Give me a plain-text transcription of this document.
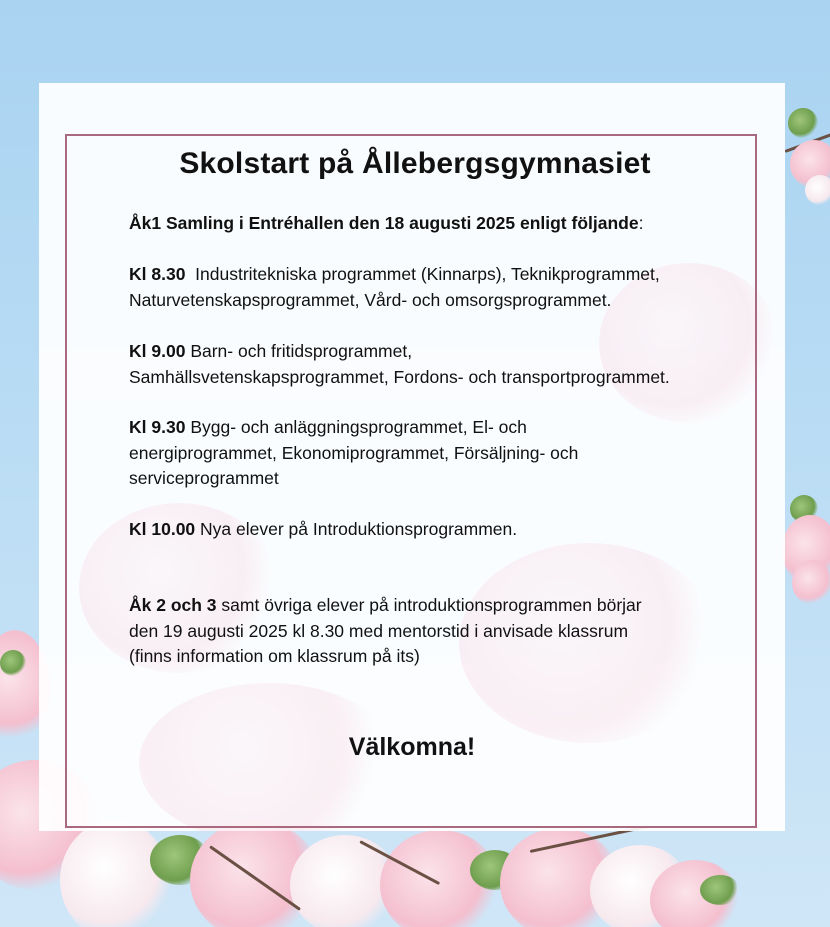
Skolstart på Ållebergsgymnasiet
Åk1 Samling i Entréhallen den 18 augusti 2025 enligt följande:
Kl 8.30 Industritekniska programmet (Kinnarps), Teknikprogrammet,
Naturvetenskapsprogrammet, Vård- och omsorgsprogrammet.
Kl 9.00 Barn- och fritidsprogrammet,
Samhällsvetenskapsprogrammet, Fordons- och transportprogrammet.
Kl 9.30 Bygg- och anläggningsprogrammet, El- och
energiprogrammet, Ekonomiprogrammet, Försäljning- och
serviceprogrammet
Kl 10.00 Nya elever på Introduktionsprogrammen.
Åk 2 och 3 samt övriga elever på introduktionsprogrammen börjar
den 19 augusti 2025 kl 8.30 med mentorstid i anvisade klassrum
(finns information om klassrum på its)
Välkomna!
